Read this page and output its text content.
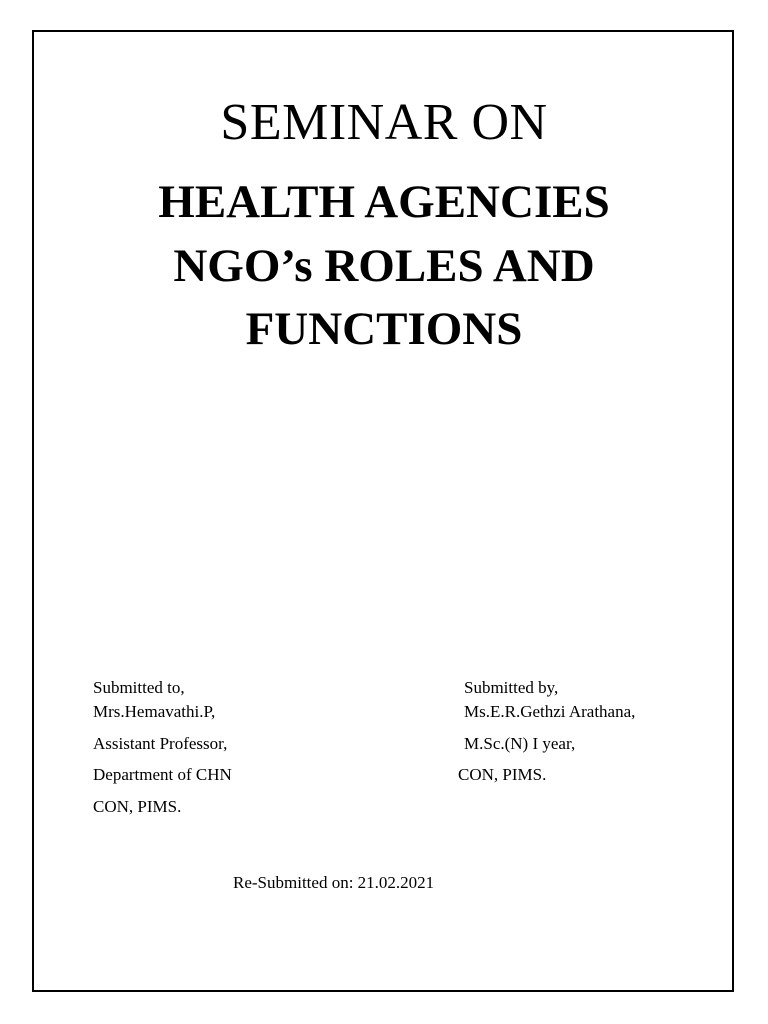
SEMINAR ON
HEALTH AGENCIES
NGO’s ROLES AND
FUNCTIONS
Submitted to,
Mrs.Hemavathi.P,
Assistant Professor,
Department of CHN
CON, PIMS.
Submitted by,
Ms.E.R.Gethzi Arathana,
M.Sc.(N) I year,
CON, PIMS.
Re-Submitted on: 21.02.2021
